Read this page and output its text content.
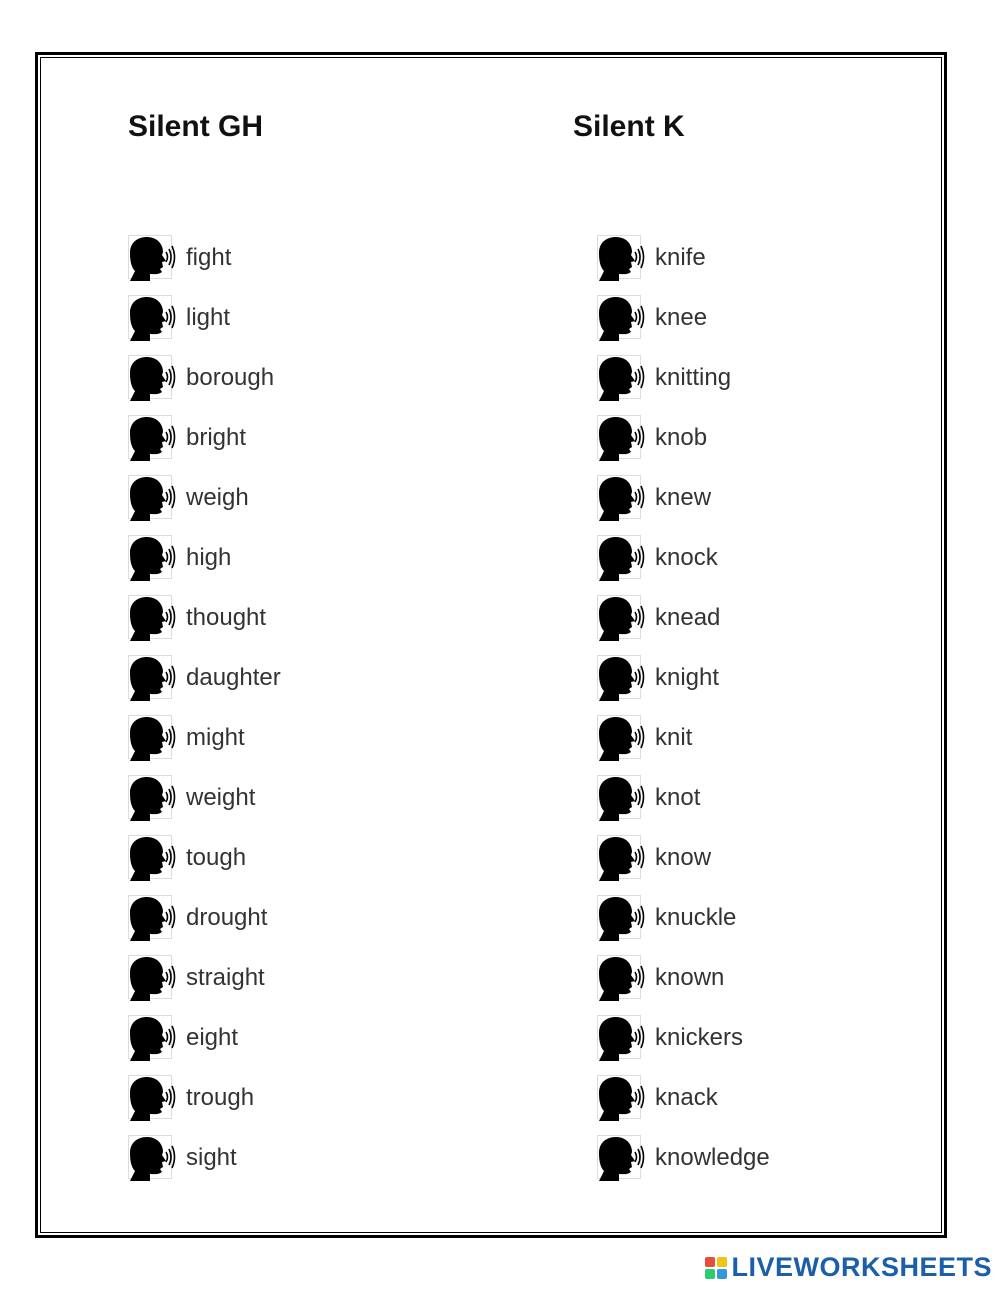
Silent GH	Silent K
fight
light
borough
bright
weigh
high
thought
daughter
might
weight
tough
drought
straight
eight
trough
sight
knife
knee
knitting
knob
knew
knock
knead
knight
knit
knot
know
knuckle
known
knickers
knack
knowledge
LIVEWORKSHEETS
